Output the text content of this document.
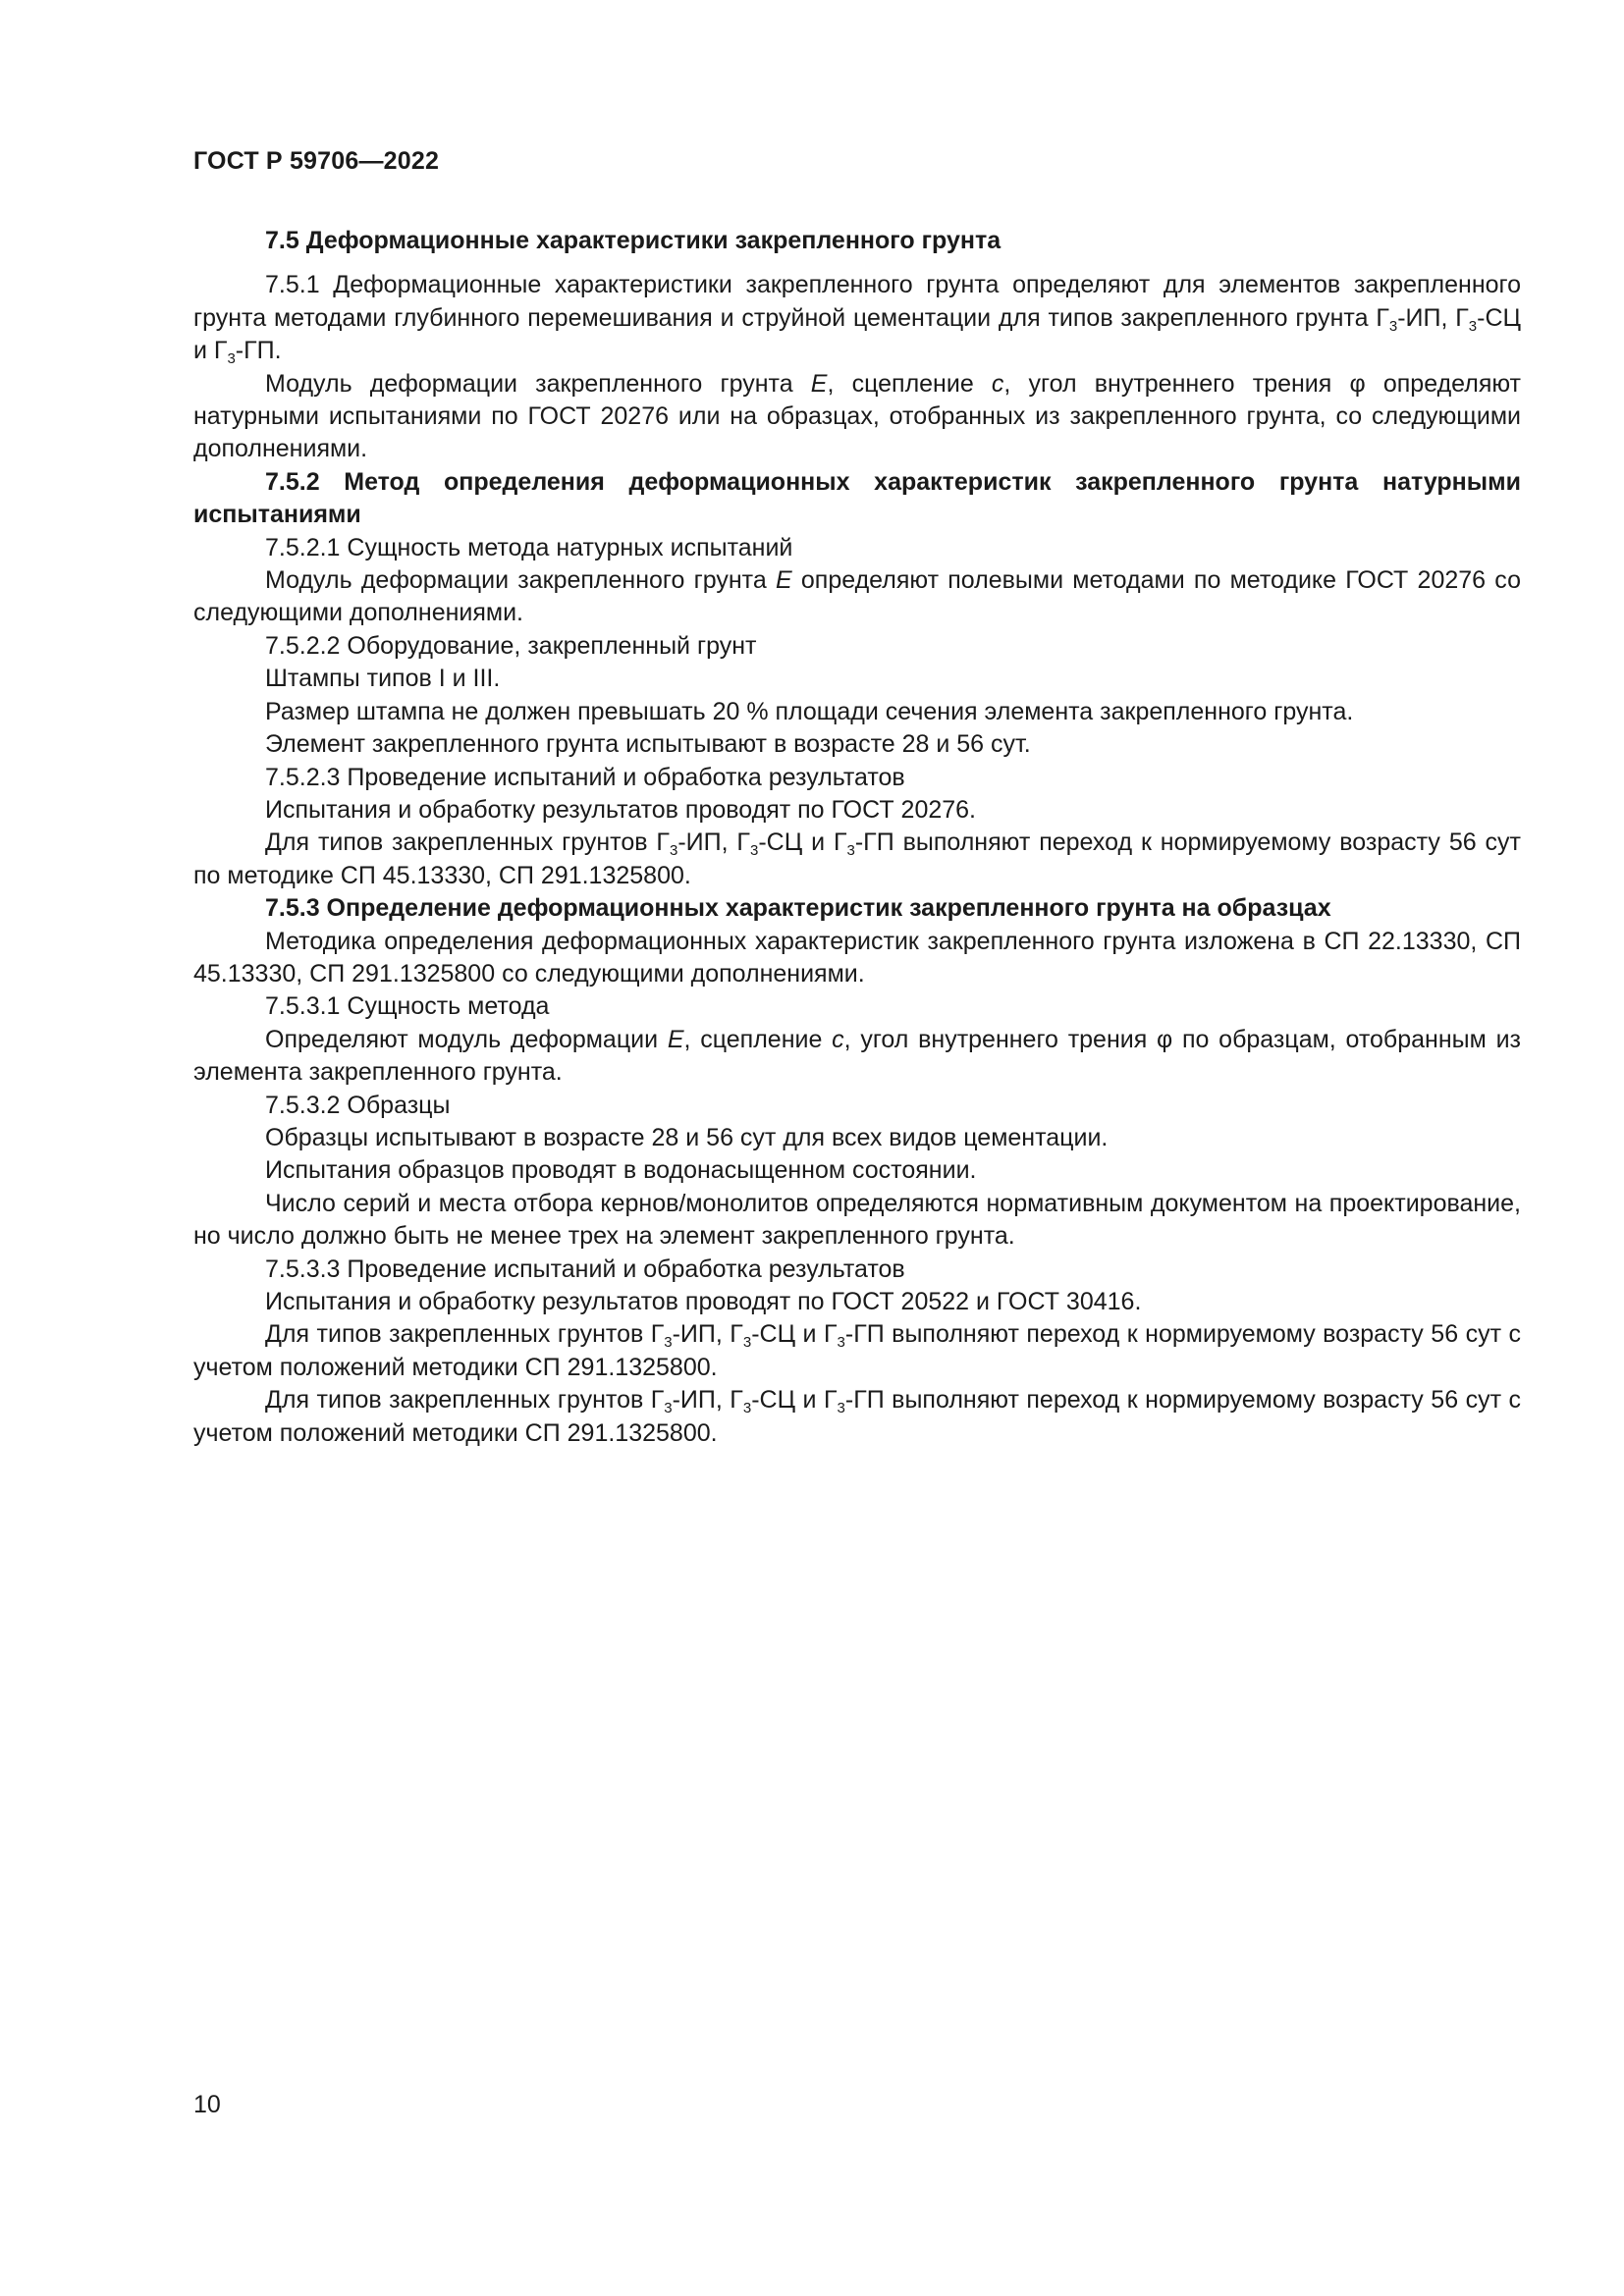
ГОСТ Р 59706—2022

7.5 Деформационные характеристики закрепленного грунта

7.5.1 Деформационные характеристики закрепленного грунта определяют для элементов закрепленного грунта методами глубинного перемешивания и струйной цементации для типов закрепленного грунта $Г_3-ИП$, $Г_3-СЦ$ и $Г_3-ГП$.

Модуль деформации закрепленного грунта E, сцепление c, угол внутреннего трения φ определяют натурными испытаниями по ГОСТ 20276 или на образцах, отобранных из закрепленного грунта, со следующими дополнениями.

7.5.2 Метод определения деформационных характеристик закрепленного грунта натурными испытаниями

7.5.2.1 Сущность метода натурных испытаний

Модуль деформации закрепленного грунта E определяют полевыми методами по методике ГОСТ 20276 со следующими дополнениями.

7.5.2.2 Оборудование, закрепленный грунт

Штампы типов I и III.

Размер штампа не должен превышать 20 % площади сечения элемента закрепленного грунта.

Элемент закрепленного грунта испытывают в возрасте 28 и 56 сут.

7.5.2.3 Проведение испытаний и обработка результатов

Испытания и обработку результатов проводят по ГОСТ 20276.

Для типов закрепленных грунтов $Г_3-ИП$, $Г_3-СЦ$ и $Г_3-ГП$ выполняют переход к нормируемому возрасту 56 сут по методике СП 45.13330, СП 291.1325800.

7.5.3 Определение деформационных характеристик закрепленного грунта на образцах

Методика определения деформационных характеристик закрепленного грунта изложена в СП 22.13330, СП 45.13330, СП 291.1325800 со следующими дополнениями.

7.5.3.1 Сущность метода

Определяют модуль деформации E, сцепление c, угол внутреннего трения φ по образцам, отобранным из элемента закрепленного грунта.

7.5.3.2 Образцы

Образцы испытывают в возрасте 28 и 56 сут для всех видов цементации.

Испытания образцов проводят в водонасыщенном состоянии.

Число серий и места отбора кернов/монолитов определяются нормативным документом на проектирование, но число должно быть не менее трех на элемент закрепленного грунта.

7.5.3.3 Проведение испытаний и обработка результатов

Испытания и обработку результатов проводят по ГОСТ 20522 и ГОСТ 30416.

Для типов закрепленных грунтов $Г_3-ИП$, $Г_3-СЦ$ и $Г_3-ГП$ выполняют переход к нормируемому возрасту 56 сут с учетом положений методики СП 291.1325800.

Для типов закрепленных грунтов $Г_3-ИП$, $Г_3-СЦ$ и $Г_3-ГП$ выполняют переход к нормируемому возрасту 56 сут с учетом положений методики СП 291.1325800.

10
